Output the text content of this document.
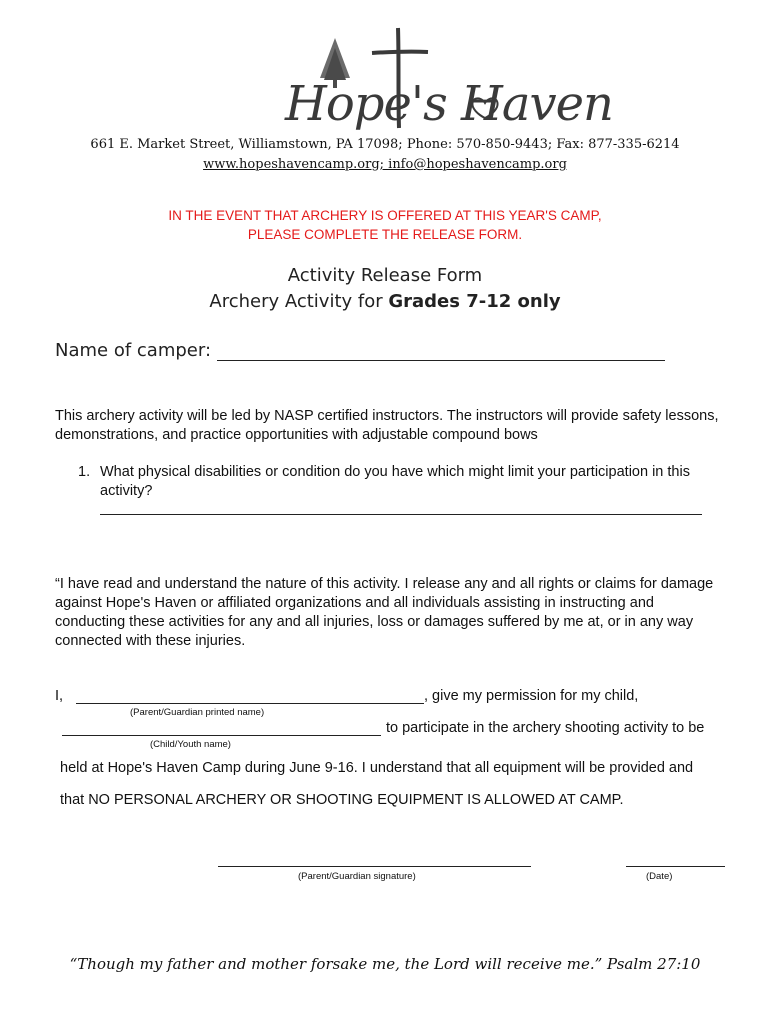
Hope's Haven
661 E. Market Street, Williamstown, PA 17098; Phone: 570-850-9443; Fax: 877-335-6214
www.hopeshavencamp.org; info@hopeshavencamp.org
IN THE EVENT THAT ARCHERY IS OFFERED AT THIS YEAR'S CAMP,
PLEASE COMPLETE THE RELEASE FORM.
Activity Release Form
Archery Activity for Grades 7-12 only
Name of camper:
This archery activity will be led by NASP certified instructors. The instructors will provide safety lessons, demonstrations, and practice opportunities with adjustable compound bows
1. What physical disabilities or condition do you have which might limit your participation in this activity?
“I have read and understand the nature of this activity. I release any and all rights or claims for damage against Hope's Haven or affiliated organizations and all individuals assisting in instructing and conducting these activities for any and all injuries, loss or damages suffered by me at, or in any way connected with these injuries.
I,	, give my permission for my child,
(Parent/Guardian printed name)
to participate in the archery shooting activity to be
(Child/Youth name)
held at Hope's Haven Camp during June 9-16. I understand that all equipment will be provided and
that NO PERSONAL ARCHERY OR SHOOTING EQUIPMENT IS ALLOWED AT CAMP.
(Parent/Guardian signature)	(Date)
“Though my father and mother forsake me, the Lord will receive me.” Psalm 27:10
